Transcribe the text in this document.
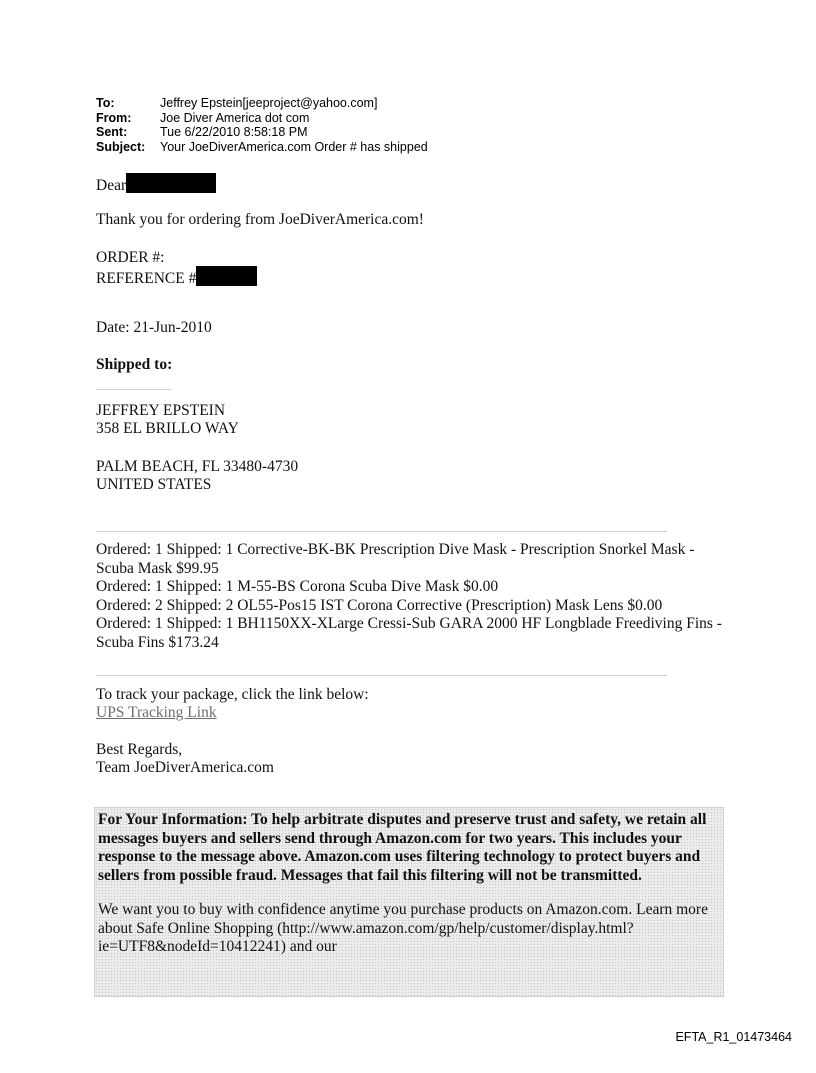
To:	Jeffrey Epstein[jeeproject@yahoo.com]
From:	Joe Diver America dot com
Sent:	Tue 6/22/2010 8:58:18 PM
Subject:	Your JoeDiverAmerica.com Order # has shipped
Dear
Thank you for ordering from JoeDiverAmerica.com!
ORDER #:
REFERENCE #
Date: 21-Jun-2010
Shipped to:
JEFFREY EPSTEIN
358 EL BRILLO WAY
PALM BEACH, FL 33480-4730
UNITED STATES
Ordered: 1 Shipped: 1 Corrective-BK-BK Prescription Dive Mask - Prescription Snorkel Mask - Scuba Mask $99.95
Ordered: 1 Shipped: 1 M-55-BS Corona Scuba Dive Mask $0.00
Ordered: 2 Shipped: 2 OL55-Pos15 IST Corona Corrective (Prescription) Mask Lens $0.00
Ordered: 1 Shipped: 1 BH1150XX-XLarge Cressi-Sub GARA 2000 HF Longblade Freediving Fins - Scuba Fins $173.24
To track your package, click the link below:
UPS Tracking Link
Best Regards,
Team JoeDiverAmerica.com
For Your Information: To help arbitrate disputes and preserve trust and safety, we retain all messages buyers and sellers send through Amazon.com for two years. This includes your response to the message above. Amazon.com uses filtering technology to protect buyers and sellers from possible fraud. Messages that fail this filtering will not be transmitted.
We want you to buy with confidence anytime you purchase products on Amazon.com. Learn more about Safe Online Shopping (http://www.amazon.com/gp/help/customer/display.html?ie=UTF8&nodeId=10412241) and our
EFTA_R1_01473464
